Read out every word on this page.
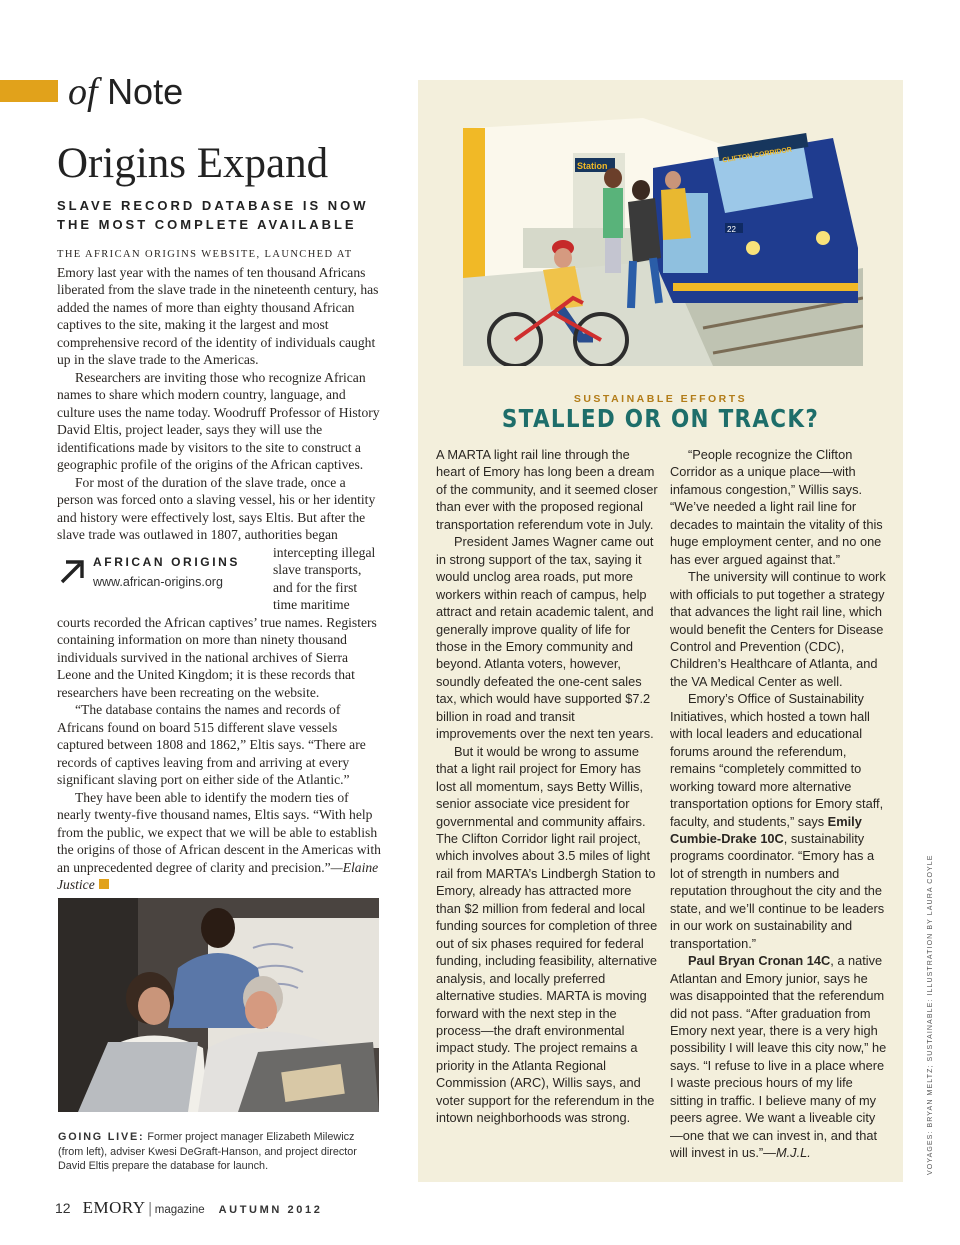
of Note
Origins Expand
SLAVE RECORD DATABASE IS NOW THE MOST COMPLETE AVAILABLE

THE AFRICAN ORIGINS WEBSITE, LAUNCHED AT
Emory last year with the names of ten thousand Africans liberated from the slave trade in the nineteenth century, has added the names of more than eighty thousand African captives to the site, making it the largest and most comprehensive record of the identity of individuals caught up in the slave trade to the Americas.

Researchers are inviting those who recognize African names to share which modern country, language, and culture uses the name today. Woodruff Professor of History David Eltis, project leader, says they will use the identifications made by visitors to the site to construct a geographic profile of the origins of the African captives.

For most of the duration of the slave trade, once a person was forced onto a slaving vessel, his or her identity and history were effectively lost, says Eltis. But after the slave trade was outlawed in 1807, authorities began

AFRICAN ORIGINS
www.african-origins.org
intercepting illegal slave transports, and for the first time maritime

courts recorded the African captives’ true names. Registers containing information on more than ninety thousand individuals survived in the national archives of Sierra Leone and the United Kingdom; it is these records that researchers have been recreating on the website.

“The database contains the names and records of Africans found on board 515 different slave vessels captured between 1808 and 1862,” Eltis says. “There are records of captives leaving from and arriving at every significant slaving port on either side of the Atlantic.”

They have been able to identify the modern ties of nearly twenty-five thousand names, Eltis says. “With help from the public, we expect that we will be able to establish the origins of those of African descent in the Americas with an unprecedented degree of clarity and precision.”—Elaine Justice

GOING LIVE: Former project manager Elizabeth Milewicz (from left), adviser Kwesi DeGraft-Hanson, and project director David Eltis prepare the database for launch.
12 EMORY | magazine AUTUMN 2012
Station
CLIFTON CORRIDOR
22
SUSTAINABLE EFFORTS
STALLED OR ON TRACK?

A MARTA light rail line through the heart of Emory has long been a dream of the community, and it seemed closer than ever with the proposed regional transportation referendum vote in July.

President James Wagner came out in strong support of the tax, saying it would unclog area roads, put more workers within reach of campus, help attract and retain academic talent, and generally improve quality of life for those in the Emory community and beyond. Atlanta voters, however, soundly defeated the one-cent sales tax, which would have supported $7.2 billion in road and transit improvements over the next ten years.

But it would be wrong to assume that a light rail project for Emory has lost all momentum, says Betty Willis, senior associate vice president for governmental and community affairs. The Clifton Corridor light rail project, which involves about 3.5 miles of light rail from MARTA’s Lindbergh Station to Emory, already has attracted more than $2 million from federal and local funding sources for completion of three out of six phases required for federal funding, including feasibility, alternative analysis, and locally preferred alternative studies. MARTA is moving forward with the next step in the process—the draft environmental impact study. The project remains a priority in the Atlanta Regional Commission (ARC), Willis says, and voter support for the referendum in the intown neighborhoods was strong.

“People recognize the Clifton Corridor as a unique place—with infamous congestion,” Willis says. “We’ve needed a light rail line for decades to maintain the vitality of this huge employment center, and no one has ever argued against that.”

The university will continue to work with officials to put together a strategy that advances the light rail line, which would benefit the Centers for Disease Control and Prevention (CDC), Children’s Healthcare of Atlanta, and the VA Medical Center as well.

Emory’s Office of Sustainability Initiatives, which hosted a town hall with local leaders and educational forums around the referendum, remains “completely committed to working toward more alternative transportation options for Emory staff, faculty, and students,” says Emily Cumbie-Drake 10C, sustainability programs coordinator. “Emory has a lot of strength in numbers and reputation throughout the city and the state, and we’ll continue to be leaders in our work on sustainability and transportation.”

Paul Bryan Cronan 14C, a native Atlantan and Emory junior, says he was disappointed that the referendum did not pass. “After graduation from Emory next year, there is a very high possibility I will leave this city now,” he says. “I refuse to live in a place where I waste precious hours of my life sitting in traffic. I believe many of my peers agree. We want a liveable city—one that we can invest in, and that will invest in us.”—M.J.L.	VOYAGES: BRYAN MELTZ; SUSTAINABLE: ILLUSTRATION BY LAURA COYLE
